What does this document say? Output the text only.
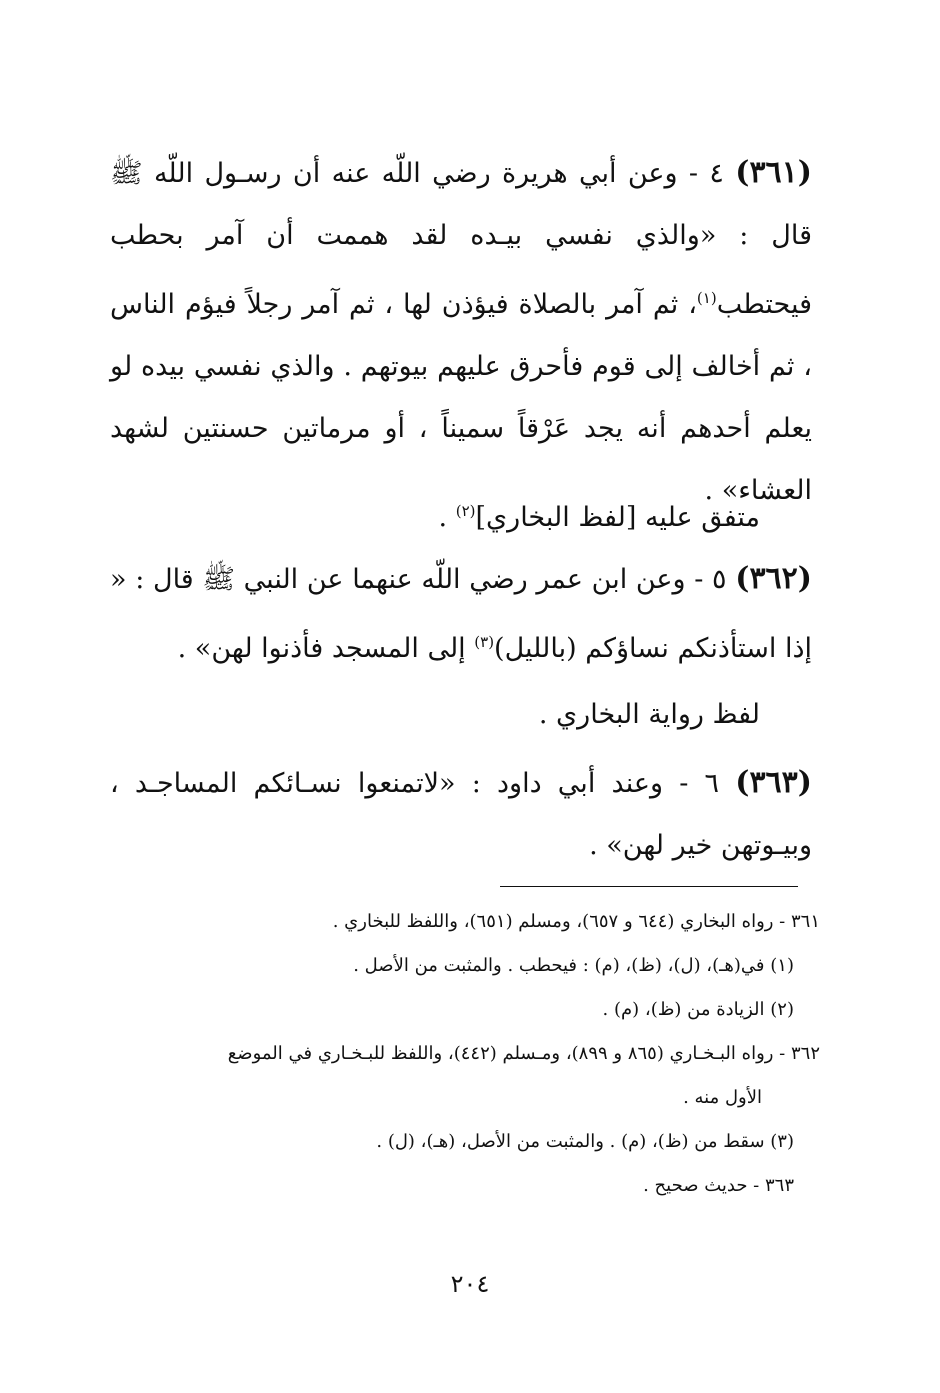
(٣٦١) ٤ - وعن أبي هريرة رضي اللّه عنه أن رسـول اللّه ﷺ قال : «والذي نفسي بيـده لقد هممت أن آمر بحطب فيحتطب$^{(١)}$، ثم آمر بالصلاة فيؤذن لها ، ثم آمر رجلاً فيؤم الناس ، ثم أخالف إلى قوم فأحرق عليهم بيوتهم . والذي نفسي بيده لو يعلم أحدهم أنه يجد عَرْقاً سميناً ، أو مرماتين حسنتين لشهد العشاء» .
متفق عليه [لفظ البخاري]$^{(٢)}$ .
(٣٦٢) ٥ - وعن ابن عمر رضي اللّه عنهما عن النبي ﷺ قال : « إذا استأذنكم نساؤكم (بالليل)$^{(٣)}$ إلى المسجد فأذنوا لهن» .
لفظ رواية البخاري .
(٣٦٣) ٦ - وعند أبي داود : «لاتمنعوا نسـائكم المساجـد ، وبيـوتهن خير لهن» .
٣٦١ - رواه البخاري (٦٤٤ و ٦٥٧)، ومسلم (٦٥١)، واللفظ للبخاري .
(١) في(هـ)، (ل)، (ظ)، (م) : فيحطب . والمثبت من الأصل .
(٢) الزيادة من (ظ)، (م) .
٣٦٢ - رواه البـخـاري (٨٦٥ و ٨٩٩)، ومـسلم (٤٤٢)، واللفظ للبـخـاري في الموضع
الأول منه .
(٣) سقط من (ظ)، (م) . والمثبت من الأصل، (هـ)، (ل) .
٣٦٣ - حديث صحيح .
٢٠٤
